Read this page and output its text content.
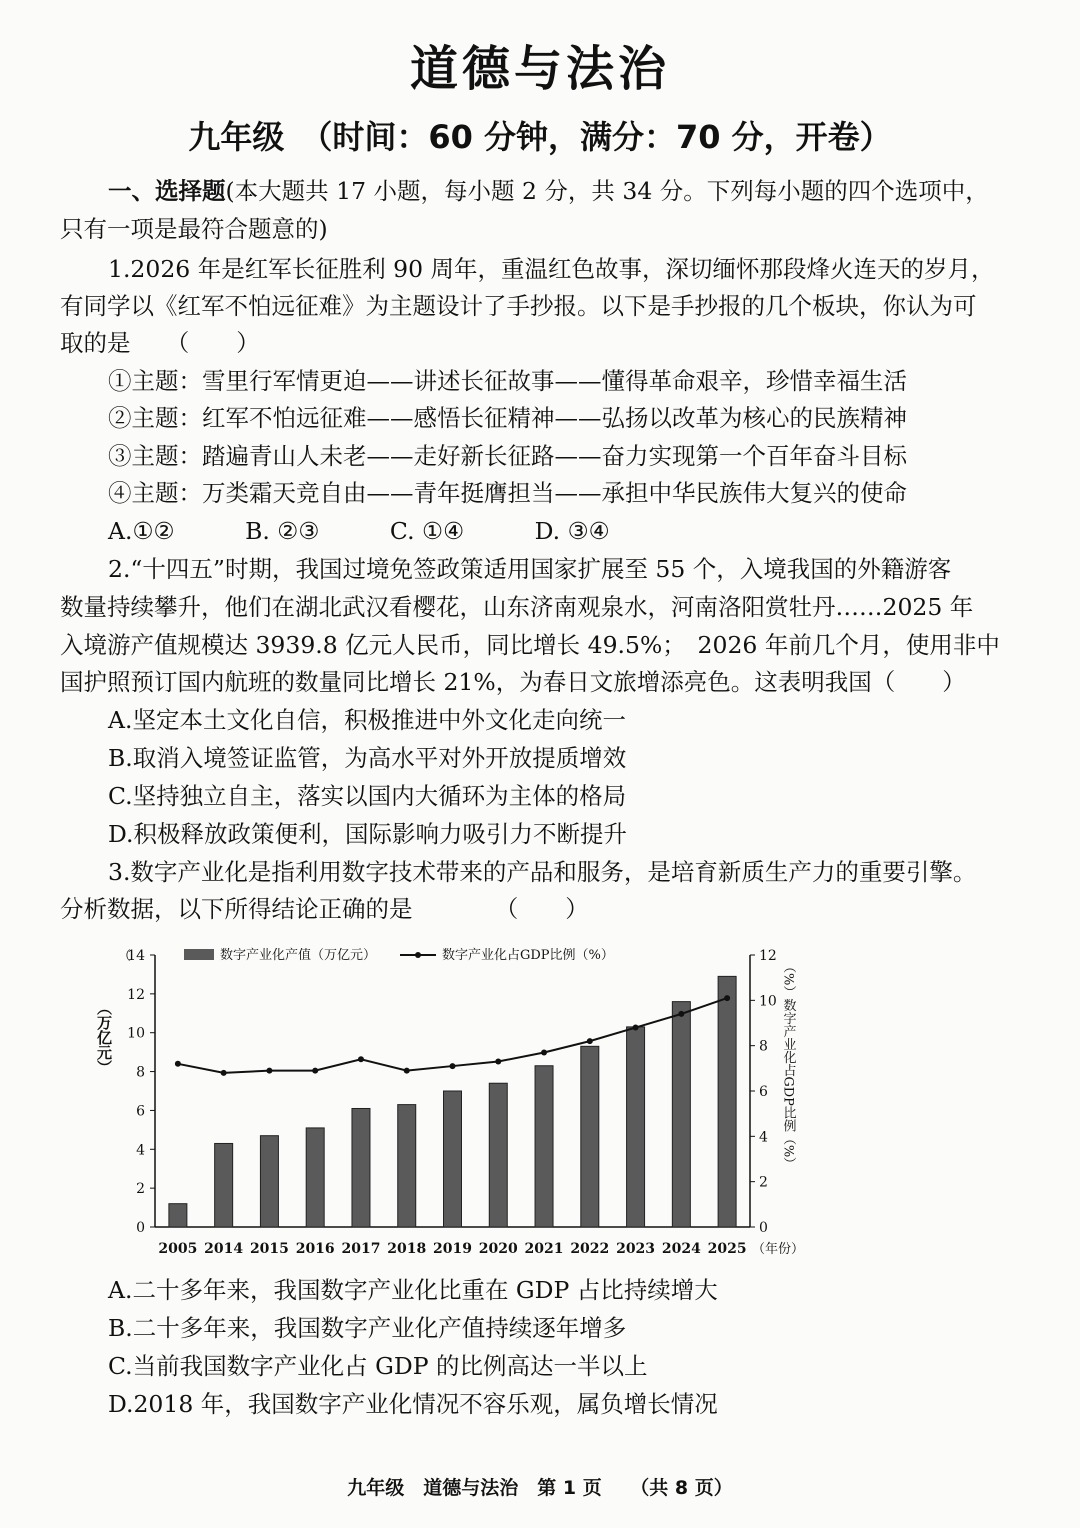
道德与法治
九年级　（时间：60 分钟，满分：70 分，开卷）
一、选择题(本大题共 17 小题，每小题 2 分，共 34 分。下列每小题的四个选项中，
只有一项是最符合题意的)
1.2026 年是红军长征胜利 90 周年，重温红色故事，深切缅怀那段烽火连天的岁月，
有同学以《红军不怕远征难》为主题设计了手抄报。以下是手抄报的几个板块，你认为可
取的是　　（　　）
①主题：雪里行军情更迫——讲述长征故事——懂得革命艰辛，珍惜幸福生活
②主题：红军不怕远征难——感悟长征精神——弘扬以改革为核心的民族精神
③主题：踏遍青山人未老——走好新长征路——奋力实现第一个百年奋斗目标
④主题：万类霜天竞自由——青年挺膺担当——承担中华民族伟大复兴的使命
A.①②　　　B. ②③　　　C. ①④　　　D. ③④
2.“十四五”时期，我国过境免签政策适用国家扩展至 55 个，入境我国的外籍游客
数量持续攀升，他们在湖北武汉看樱花，山东济南观泉水，河南洛阳赏牡丹……2025 年
入境游产值规模达 3939.8 亿元人民币，同比增长 49.5%；　2026 年前几个月，使用非中
国护照预订国内航班的数量同比增长 21%，为春日文旅增添亮色。这表明我国（　　）
A.坚定本土文化自信，积极推进中外文化走向统一
B.取消入境签证监管，为高水平对外开放提质增效
C.坚持独立自主，落实以国内大循环为主体的格局
D.积极释放政策便利，国际影响力吸引力不断提升
3.数字产业化是指利用数字技术带来的产品和服务，是培育新质生产力的重要引擎。
分析数据，以下所得结论正确的是　　　　（　　）
数字产业化产值（万亿元）	数字产业化占GDP比例（%）
（
（万亿元）	（%）数字产业化占GDP比例（%）
2005 2014 2015 2016 2017 2018 2019 2020 2021 2022 2023 2024 2025 （年份）
0
2
4
6
8
10
12
14
0
2
4
6
8
10
12
A.二十多年来，我国数字产业化比重在 GDP 占比持续增大
B.二十多年来，我国数字产业化产值持续逐年增多
C.当前我国数字产业化占 GDP 的比例高达一半以上
D.2018 年，我国数字产业化情况不容乐观，属负增长情况
九年级　道德与法治　第 1 页　　（共 8 页）
